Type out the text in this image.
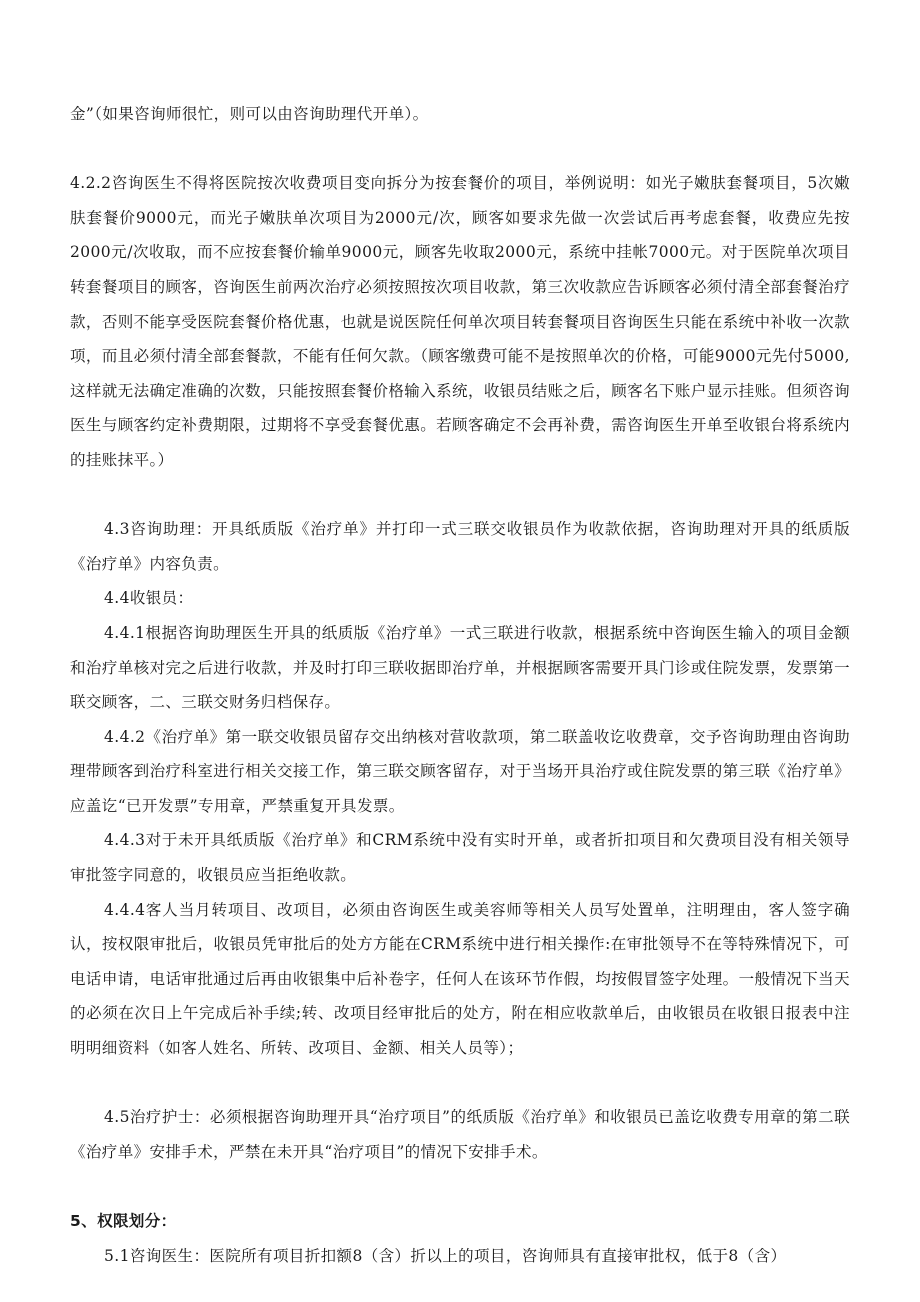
金”（如果咨询师很忙，则可以由咨询助理代开单）。

4.2.2咨询医生不得将医院按次收费项目变向拆分为按套餐价的项目，举例说明：如光子嫩肤套餐项目，5次嫩肤套餐价9000元，而光子嫩肤单次项目为2000元/次，顾客如要求先做一次尝试后再考虑套餐，收费应先按2000元/次收取，而不应按套餐价输单9000元，顾客先收取2000元，系统中挂帐7000元。对于医院单次项目转套餐项目的顾客，咨询医生前两次治疗必须按照按次项目收款，第三次收款应告诉顾客必须付清全部套餐治疗款，否则不能享受医院套餐价格优惠，也就是说医院任何单次项目转套餐项目咨询医生只能在系统中补收一次款项，而且必须付清全部套餐款，不能有任何欠款。（顾客缴费可能不是按照单次的价格，可能9000元先付5000,这样就无法确定准确的次数，只能按照套餐价格输入系统，收银员结账之后，顾客名下账户显示挂账。但须咨询医生与顾客约定补费期限，过期将不享受套餐优惠。若顾客确定不会再补费，需咨询医生开单至收银台将系统内的挂账抹平。）

4.3咨询助理：开具纸质版《治疗单》并打印一式三联交收银员作为收款依据，咨询助理对开具的纸质版《治疗单》内容负责。

4.4收银员：

4.4.1根据咨询助理医生开具的纸质版《治疗单》一式三联进行收款，根据系统中咨询医生输入的项目金额和治疗单核对完之后进行收款，并及时打印三联收据即治疗单，并根据顾客需要开具门诊或住院发票，发票第一联交顾客，二、三联交财务归档保存。

4.4.2《治疗单》第一联交收银员留存交出纳核对营收款项，第二联盖收讫收费章，交予咨询助理由咨询助理带顾客到治疗科室进行相关交接工作，第三联交顾客留存，对于当场开具治疗或住院发票的第三联《治疗单》应盖讫“已开发票”专用章，严禁重复开具发票。

4.4.3对于未开具纸质版《治疗单》和CRM系统中没有实时开单，或者折扣项目和欠费项目没有相关领导审批签字同意的，收银员应当拒绝收款。

4.4.4客人当月转项目、改项目，必须由咨询医生或美容师等相关人员写处置单，注明理由，客人签字确认，按权限审批后，收银员凭审批后的处方方能在CRM系统中进行相关操作:在审批领导不在等特殊情况下，可电话申请，电话审批通过后再由收银集中后补卷字，任何人在该环节作假，均按假冒签字处理。一般情况下当天的必须在次日上午完成后补手续;转、改项目经审批后的处方，附在相应收款单后，由收银员在收银日报表中注明明细资料（如客人姓名、所转、改项目、金额、相关人员等）；

4.5治疗护士：必须根据咨询助理开具“治疗项目”的纸质版《治疗单》和收银员已盖讫收费专用章的第二联《治疗单》安排手术，严禁在未开具“治疗项目”的情况下安排手术。

5、权限划分：

5.1咨询医生：医院所有项目折扣额8（含）折以上的项目，咨询师具有直接审批权，低于8（含）
